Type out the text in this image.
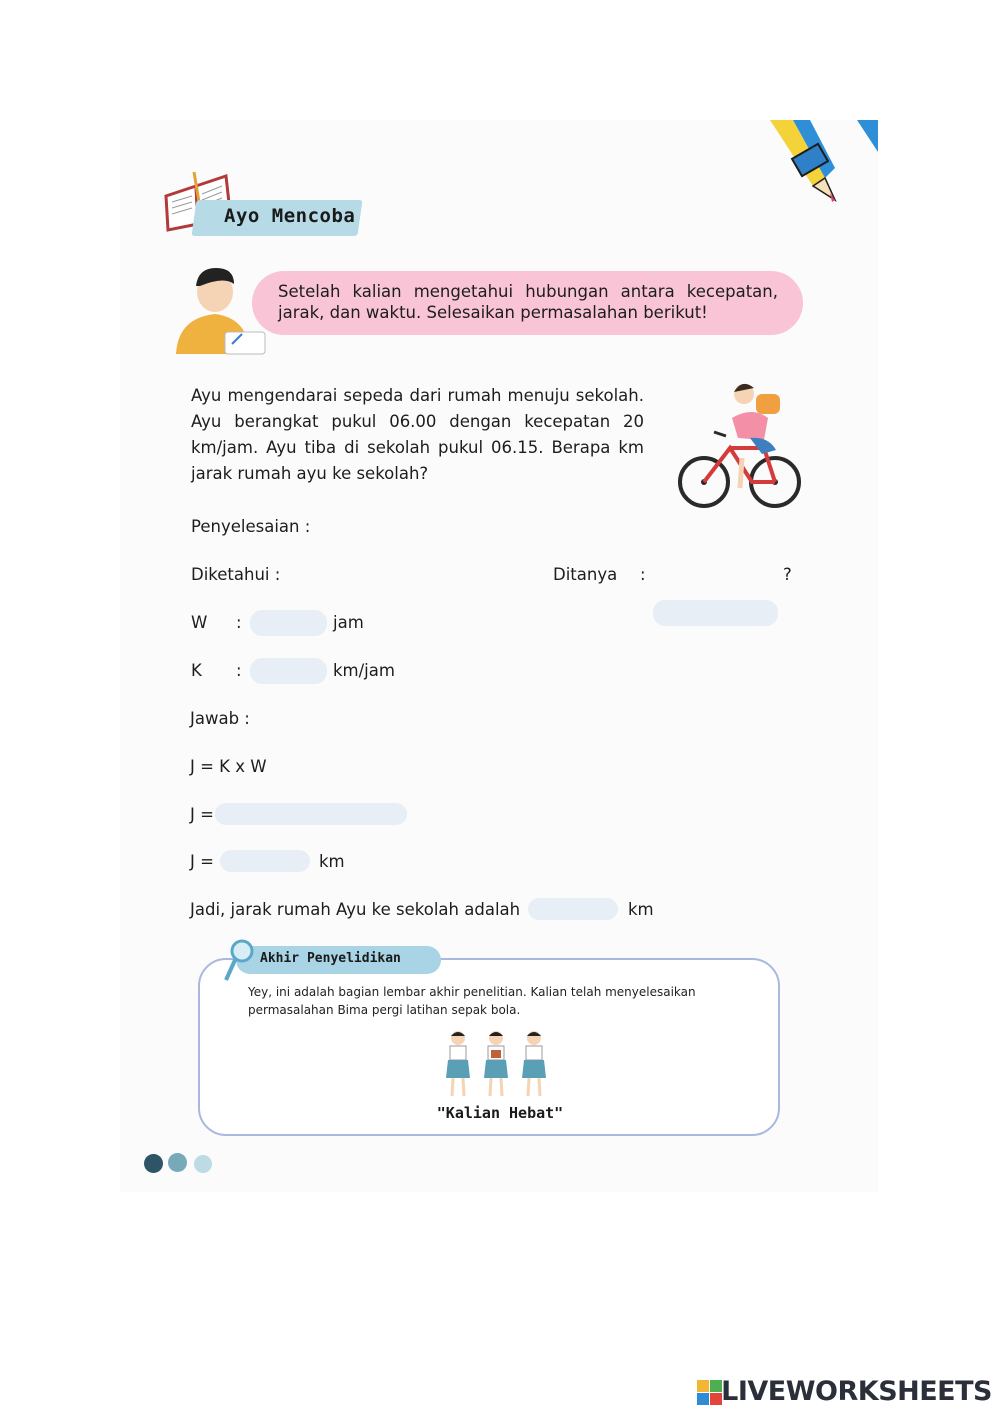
Ayo Mencoba
Setelah kalian mengetahui hubungan antara kecepatan, jarak, dan waktu. Selesaikan permasalahan berikut!
Ayu mengendarai sepeda dari rumah menuju sekolah. Ayu berangkat pukul 06.00 dengan kecepatan 20 km/jam. Ayu tiba di sekolah pukul 06.15. Berapa km jarak rumah ayu ke sekolah?
Penyelesaian :
Diketahui :	Ditanya :	?
W :	jam
K :	km/jam
Jawab :
J = K x W
J =
J =	km
Jadi, jarak rumah Ayu ke sekolah adalah	km
Akhir Penyelidikan
Yey, ini adalah bagian lembar akhir penelitian. Kalian telah menyelesaikan permasalahan Bima pergi latihan sepak bola.
"Kalian Hebat"
LIVEWORKSHEETS
